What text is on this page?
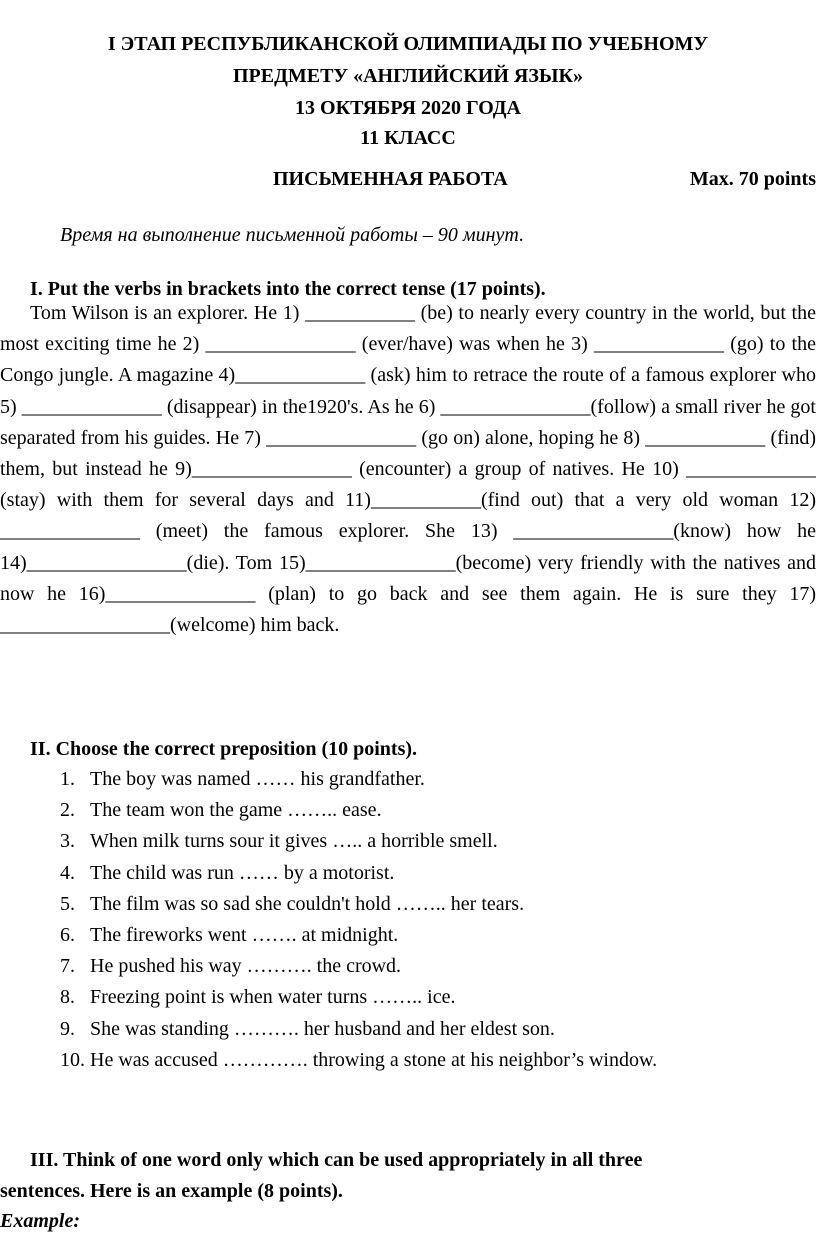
I ЭТАП РЕСПУБЛИКАНСКОЙ ОЛИМПИАДЫ ПО УЧЕБНОМУ
ПРЕДМЕТУ «АНГЛИЙСКИЙ ЯЗЫК»
13 ОКТЯБРЯ 2020 ГОДА
11 КЛАСС
ПИСЬМЕННАЯ РАБОТА	Max. 70 points
Время на выполнение письменной работы – 90 минут.
I. Put the verbs in brackets into the correct tense (17 points).
Tom Wilson is an explorer. He 1) ___________ (be) to nearly every country in the world, but the most exciting time he 2) _______________ (ever/have) was when he 3) _____________ (go) to the Congo jungle. A magazine 4)_____________ (ask) him to retrace the route of a famous explorer who 5) ______________ (disappear) in the1920's. As he 6) _______________(follow) a small river he got separated from his guides. He 7) _______________ (go on) alone, hoping he 8) ____________ (find) them, but instead he 9)________________ (encounter) a group of natives. He 10) _____________ (stay) with them for several days and 11)___________(find out) that a very old woman 12) ______________ (meet) the famous explorer. She 13) ________________(know) how he 14)________________(die). Tom 15)_______________(become) very friendly with the natives and now he 16)_______________ (plan) to go back and see them again. He is sure they 17) _________________(welcome) him back.
II. Choose the correct preposition (10 points).
1. The boy was named …… his grandfather.
2. The team won the game …….. ease.
3. When milk turns sour it gives ….. a horrible smell.
4. The child was run …… by a motorist.
5. The film was so sad she couldn't hold …….. her tears.
6. The fireworks went ……. at midnight.
7. He pushed his way ………. the crowd.
8. Freezing point is when water turns …….. ice.
9. She was standing ………. her husband and her eldest son.
10. He was accused …………. throwing a stone at his neighbor’s window.
III. Think of one word only which can be used appropriately in all three
sentences. Here is an example (8 points).
Example:
